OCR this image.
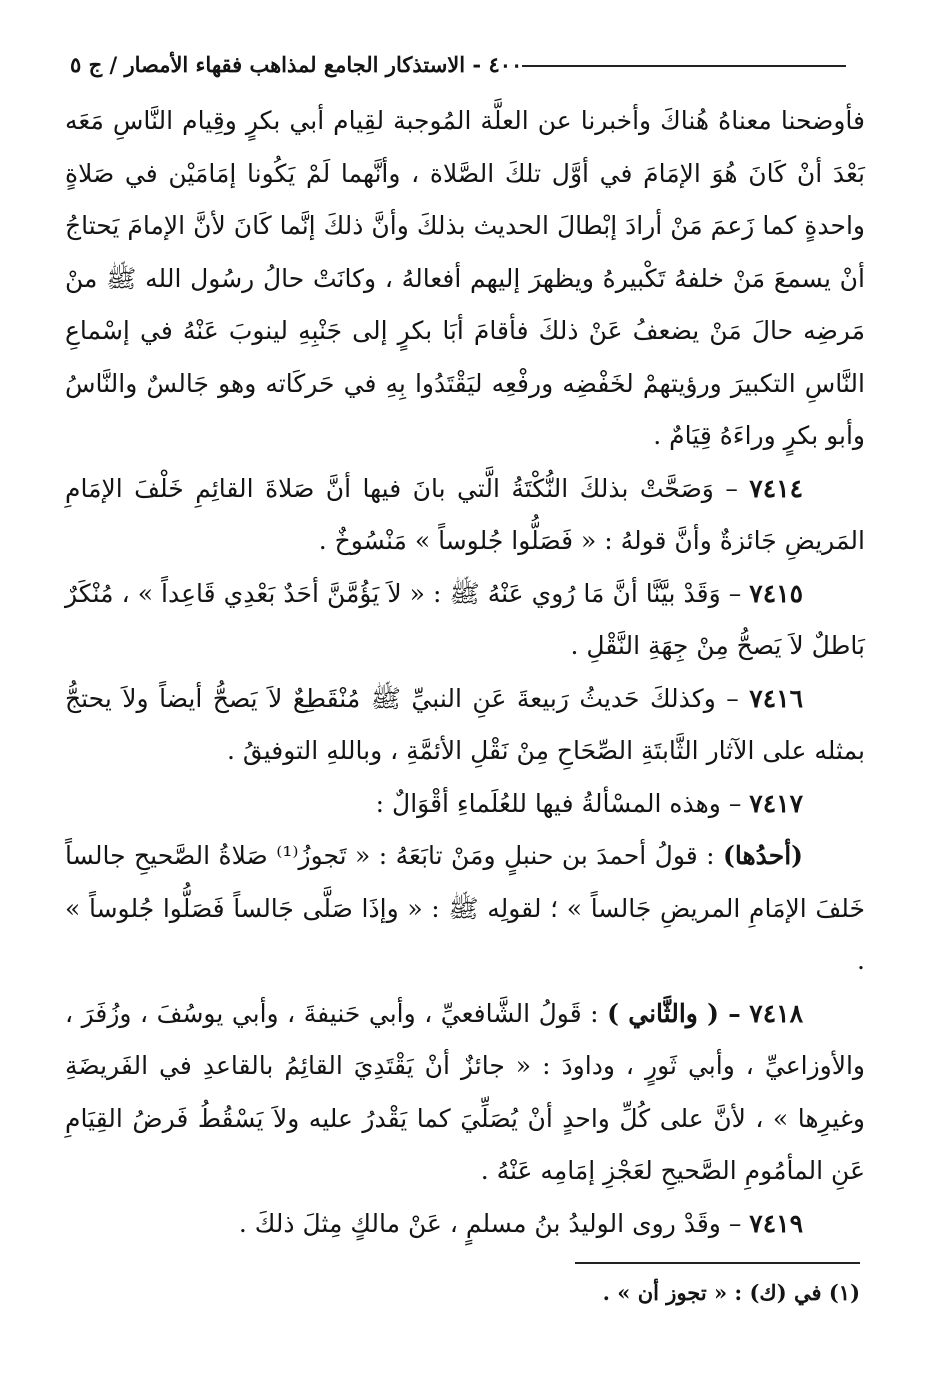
٤٠٠ - الاستذكار الجامع لمذاهب فقهاء الأمصار / ج ٥

فأوضحنا معناهُ هُناكَ وأخبرنا عن العلَّة المُوجبة لقِيام أبي بكرٍ وقِيام النَّاسِ مَعَه بَعْدَ أنْ كَانَ هُوَ الإمَامَ في أوَّل تلكَ الصَّلاة ، وأنَّهما لَمْ يَكُونا إمَامَيْن في صَلاةٍ واحدةٍ كما زَعمَ مَنْ أرادَ إبْطالَ الحديث بذلكَ وأنَّ ذلكَ إنَّما كَانَ لأنَّ الإمامَ يَحتاجُ أنْ يسمعَ مَنْ خلفهُ تَكْبيرهُ ويظهرَ إليهم أفعالهُ ، وكانَتْ حالُ رسُول الله ﷺ منْ مَرضِه حالَ مَنْ يضعفُ عَنْ ذلكَ فأقامَ أبَا بكرٍ إلى جَنْبِهِ لينوبَ عَنْهُ في إسْماعِ النَّاسِ التكبيرَ ورؤيتهمْ لخَفْضِه ورفْعِه ليَقْتَدُوا بِهِ في حَركَاته وهو جَالسٌ والنَّاسُ وأبو بكرٍ وراءَهُ قِيَامٌ .

٧٤١٤ – وَصَحَّتْ بذلكَ النُّكْتَةُ الَّتي بانَ فيها أنَّ صَلاةَ القائِمِ خَلْفَ الإمَامِ المَريضِ جَائزةٌ وأنَّ قولهُ : « فَصَلُّوا جُلوساً » مَنْسُوخٌ .

٧٤١٥ – وَقَدْ بيَّنَّا أنَّ مَا رُوي عَنْهُ ﷺ : « لاَ يَؤُمَّنَّ أحَدٌ بَعْدِي قَاعِداً » ، مُنْكَرٌ بَاطلٌ لاَ يَصحُّ مِنْ جِهَةِ النَّقْلِ .

٧٤١٦ – وكذلكَ حَديثُ رَبيعةَ عَنِ النبيِّ ﷺ مُنْقَطِعٌ لاَ يَصحُّ أيضاً ولاَ يحتجُّ بمثله على الآثار الثَّابتَةِ الصِّحَاحِ مِنْ نَقْلِ الأئمَّةِ ، وباللهِ التوفيقُ .

٧٤١٧ – وهذه المسْألةُ فيها للعُلَماءِ أقْوَالٌ :

(أحدُها) : قولُ أحمدَ بن حنبلٍ ومَنْ تابَعَهُ : « تَجوزُ⁽¹⁾ صَلاةُ الصَّحيحِ جالساً خَلفَ الإمَامِ المريضِ جَالساً » ؛ لقولِه ﷺ : « وإذَا صَلَّى جَالساً فَصَلُّوا جُلوساً » .

٧٤١٨ – ( والثَّاني ) : قَولُ الشَّافعيِّ ، وأبي حَنيفةَ ، وأبي يوسُفَ ، وزُفَرَ ، والأوزاعيِّ ، وأبي ثَورٍ ، وداودَ : « جائزٌ أنْ يَقْتَدِيَ القائِمُ بالقاعدِ في الفَريضَةِ وغيرِها » ، لأنَّ على كُلِّ واحدٍ أنْ يُصَلِّيَ كما يَقْدرُ عليه ولاَ يَسْقُطُ فَرضُ القِيَامِ عَنِ المأمُومِ الصَّحيحِ لعَجْزِ إمَامِه عَنْهُ .

٧٤١٩ – وقَدْ روى الوليدُ بنُ مسلمٍ ، عَنْ مالكٍ مِثلَ ذلكَ .

(١) في (ك) : « تجوز أن » .
